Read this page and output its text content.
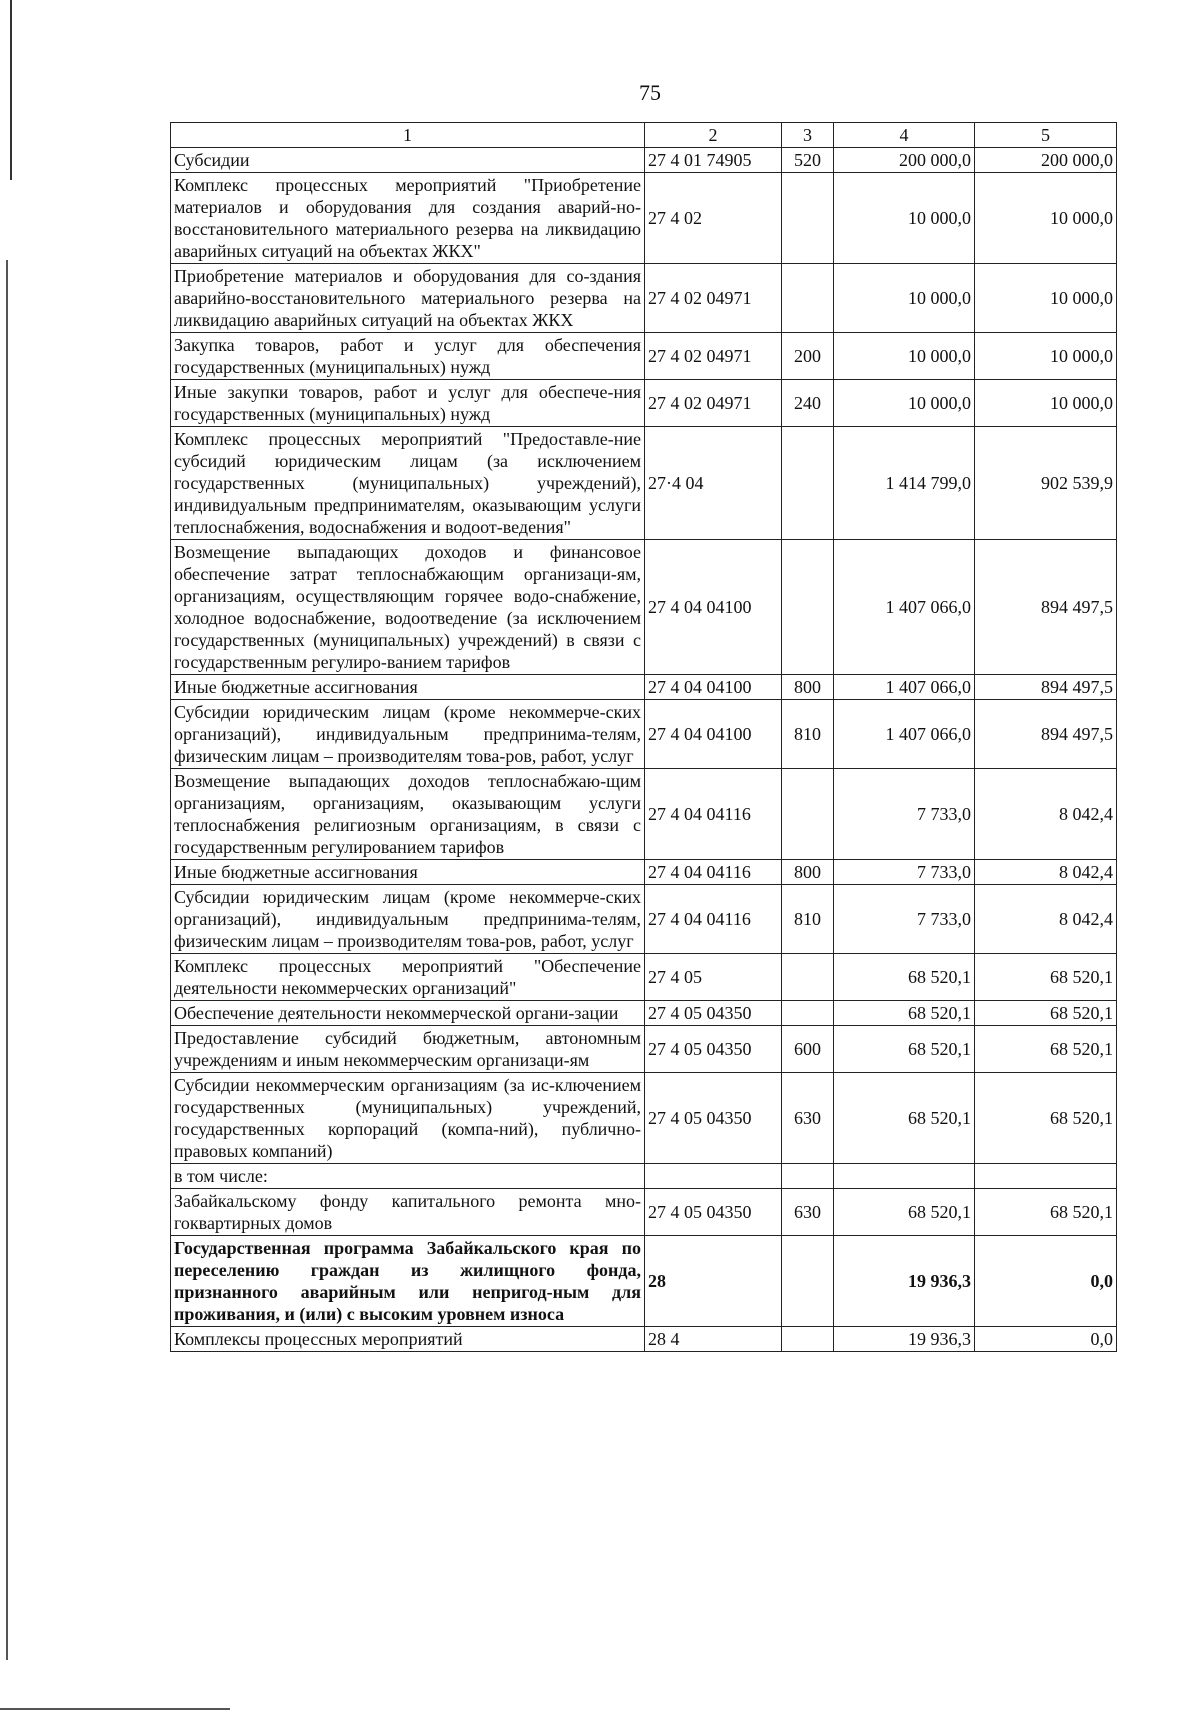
75
1	2	3	4	5
Субсидии	27 4 01 74905	520	200 000,0	200 000,0
Комплекс процессных мероприятий "Приобретение материалов и оборудования для создания аварий-но-восстановительного материального резерва на ликвидацию аварийных ситуаций на объектах ЖКХ"	27 4 02		10 000,0	10 000,0
Приобретение материалов и оборудования для со-здания аварийно-восстановительного материального резерва на ликвидацию аварийных ситуаций на объектах ЖКХ	27 4 02 04971		10 000,0	10 000,0
Закупка товаров, работ и услуг для обеспечения государственных (муниципальных) нужд	27 4 02 04971	200	10 000,0	10 000,0
Иные закупки товаров, работ и услуг для обеспече-ния государственных (муниципальных) нужд	27 4 02 04971	240	10 000,0	10 000,0
Комплекс процессных мероприятий "Предоставле-ние субсидий юридическим лицам (за исключением государственных (муниципальных) учреждений), индивидуальным предпринимателям, оказывающим услуги теплоснабжения, водоснабжения и водоот-ведения"	27·4 04		1 414 799,0	902 539,9
Возмещение выпадающих доходов и финансовое обеспечение затрат теплоснабжающим организаци-ям, организациям, осуществляющим горячее водо-снабжение, холодное водоснабжение, водоотведение (за исключением государственных (муниципальных) учреждений) в связи с государственным регулиро-ванием тарифов	27 4 04 04100		1 407 066,0	894 497,5
Иные бюджетные ассигнования	27 4 04 04100	800	1 407 066,0	894 497,5
Субсидии юридическим лицам (кроме некоммерче-ских организаций), индивидуальным предпринима-телям, физическим лицам – производителям това-ров, работ, услуг	27 4 04 04100	810	1 407 066,0	894 497,5
Возмещение выпадающих доходов теплоснабжаю-щим организациям, организациям, оказывающим услуги теплоснабжения религиозным организациям, в связи с государственным регулированием тарифов	27 4 04 04116		7 733,0	8 042,4
Иные бюджетные ассигнования	27 4 04 04116	800	7 733,0	8 042,4
Субсидии юридическим лицам (кроме некоммерче-ских организаций), индивидуальным предпринима-телям, физическим лицам – производителям това-ров, работ, услуг	27 4 04 04116	810	7 733,0	8 042,4
Комплекс процессных мероприятий "Обеспечение деятельности некоммерческих организаций"	27 4 05		68 520,1	68 520,1
Обеспечение деятельности некоммерческой органи-зации	27 4 05 04350		68 520,1	68 520,1
Предоставление субсидий бюджетным, автономным учреждениям и иным некоммерческим организаци-ям	27 4 05 04350	600	68 520,1	68 520,1
Субсидии некоммерческим организациям (за ис-ключением государственных (муниципальных) учреждений, государственных корпораций (компа-ний), публично-правовых компаний)	27 4 05 04350	630	68 520,1	68 520,1
в том числе:				
Забайкальскому фонду капитального ремонта мно-гоквартирных домов	27 4 05 04350	630	68 520,1	68 520,1
Государственная программа Забайкальского края по переселению граждан из жилищного фонда, признанного аварийным или непригод-ным для проживания, и (или) с высоким уровнем износа	28		19 936,3	0,0
Комплексы процессных мероприятий	28 4		19 936,3	0,0
